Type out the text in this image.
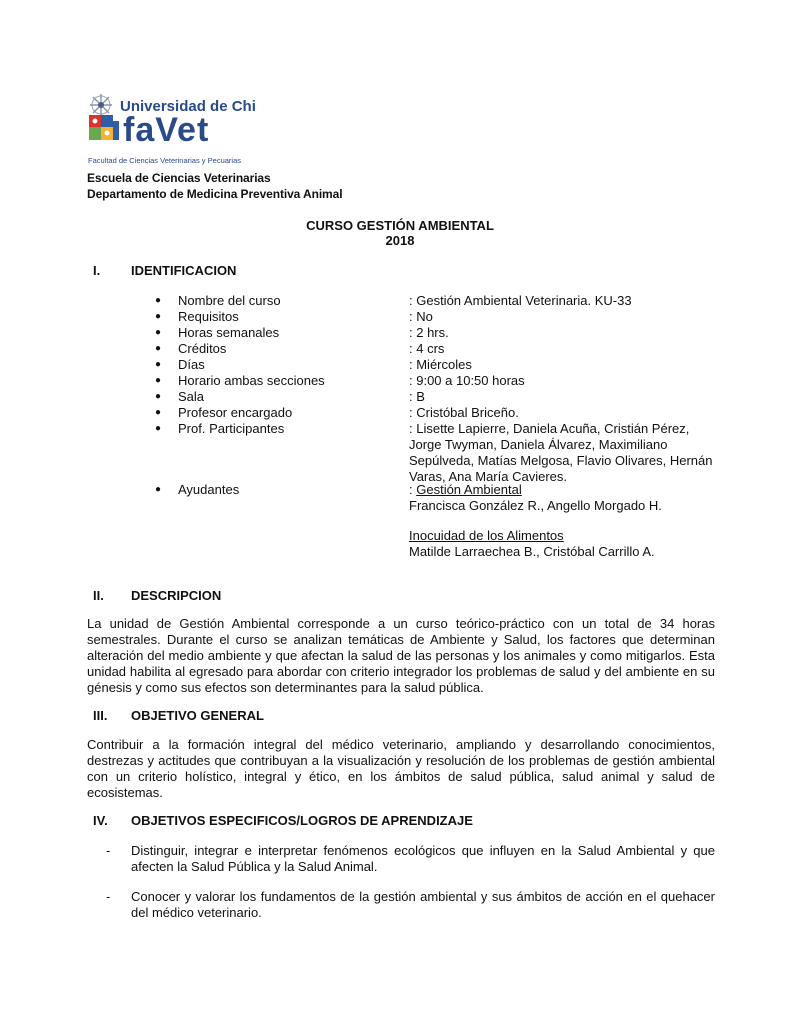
Universidad de Chile
faVet
Facultad de Ciencias Veterinarias y Pecuarias
Escuela de Ciencias Veterinarias
Departamento de Medicina Preventiva Animal
CURSO GESTIÓN AMBIENTAL
2018
I. IDENTIFICACION
● Nombre del curso	: Gestión Ambiental Veterinaria. KU-33
● Requisitos	: No
● Horas semanales	: 2 hrs.
● Créditos	: 4 crs
● Días	: Miércoles
● Horario ambas secciones	: 9:00 a 10:50 horas
● Sala	: B
● Profesor encargado	: Cristóbal Briceño.
● Prof. Participantes	: Lisette Lapierre, Daniela Acuña, Cristián Pérez,
Jorge Twyman, Daniela Álvarez, Maximiliano
Sepúlveda, Matías Melgosa, Flavio Olivares, Hernán
Varas, Ana María Cavieres.
● Ayudantes	: Gestión Ambiental
Francisca González R., Angello Morgado H.
Inocuidad de los Alimentos
Matilde Larraechea B., Cristóbal Carrillo A.
II. DESCRIPCION
La unidad de Gestión Ambiental corresponde a un curso teórico-práctico con un total de 34 horas
semestrales. Durante el curso se analizan temáticas de Ambiente y Salud, los factores que determinan
alteración del medio ambiente y que afectan la salud de las personas y los animales y como mitigarlos. Esta
unidad habilita al egresado para abordar con criterio integrador los problemas de salud y del ambiente en su
génesis y como sus efectos son determinantes para la salud pública.
III. OBJETIVO GENERAL
Contribuir a la formación integral del médico veterinario, ampliando y desarrollando conocimientos,
destrezas y actitudes que contribuyan a la visualización y resolución de los problemas de gestión ambiental
con un criterio holístico, integral y ético, en los ámbitos de salud pública, salud animal y salud de
ecosistemas.
IV. OBJETIVOS ESPECIFICOS/LOGROS DE APRENDIZAJE
- Distinguir, integrar e interpretar fenómenos ecológicos que influyen en la Salud Ambiental y que
afecten la Salud Pública y la Salud Animal.
- Conocer y valorar los fundamentos de la gestión ambiental y sus ámbitos de acción en el quehacer
del médico veterinario.
